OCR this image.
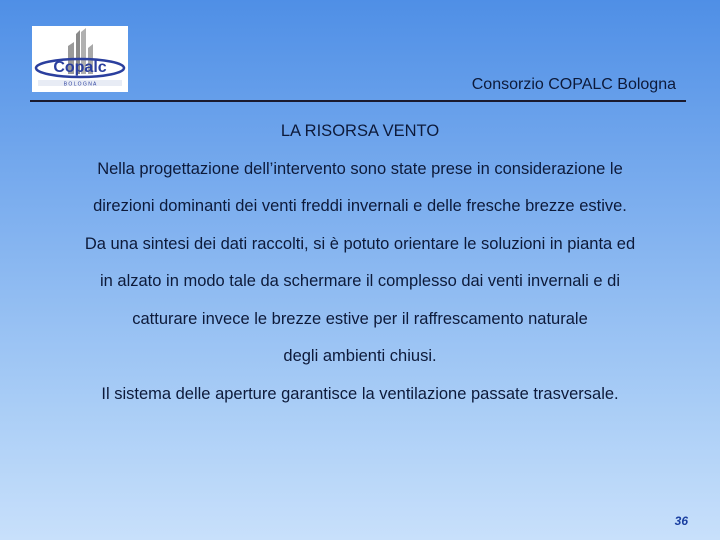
Copalc
B O L O G N A	Consorzio COPALC Bologna
LA RISORSA VENTO
Nella progettazione dell’intervento sono state prese in considerazione le
direzioni dominanti dei venti freddi invernali e delle fresche brezze estive.
Da una sintesi dei dati raccolti, si è potuto orientare le soluzioni in pianta ed
in alzato in modo tale da schermare il complesso dai venti invernali e di
catturare invece le brezze estive per il raffrescamento naturale
degli ambienti chiusi.
Il sistema delle aperture garantisce la ventilazione passate trasversale.
36
